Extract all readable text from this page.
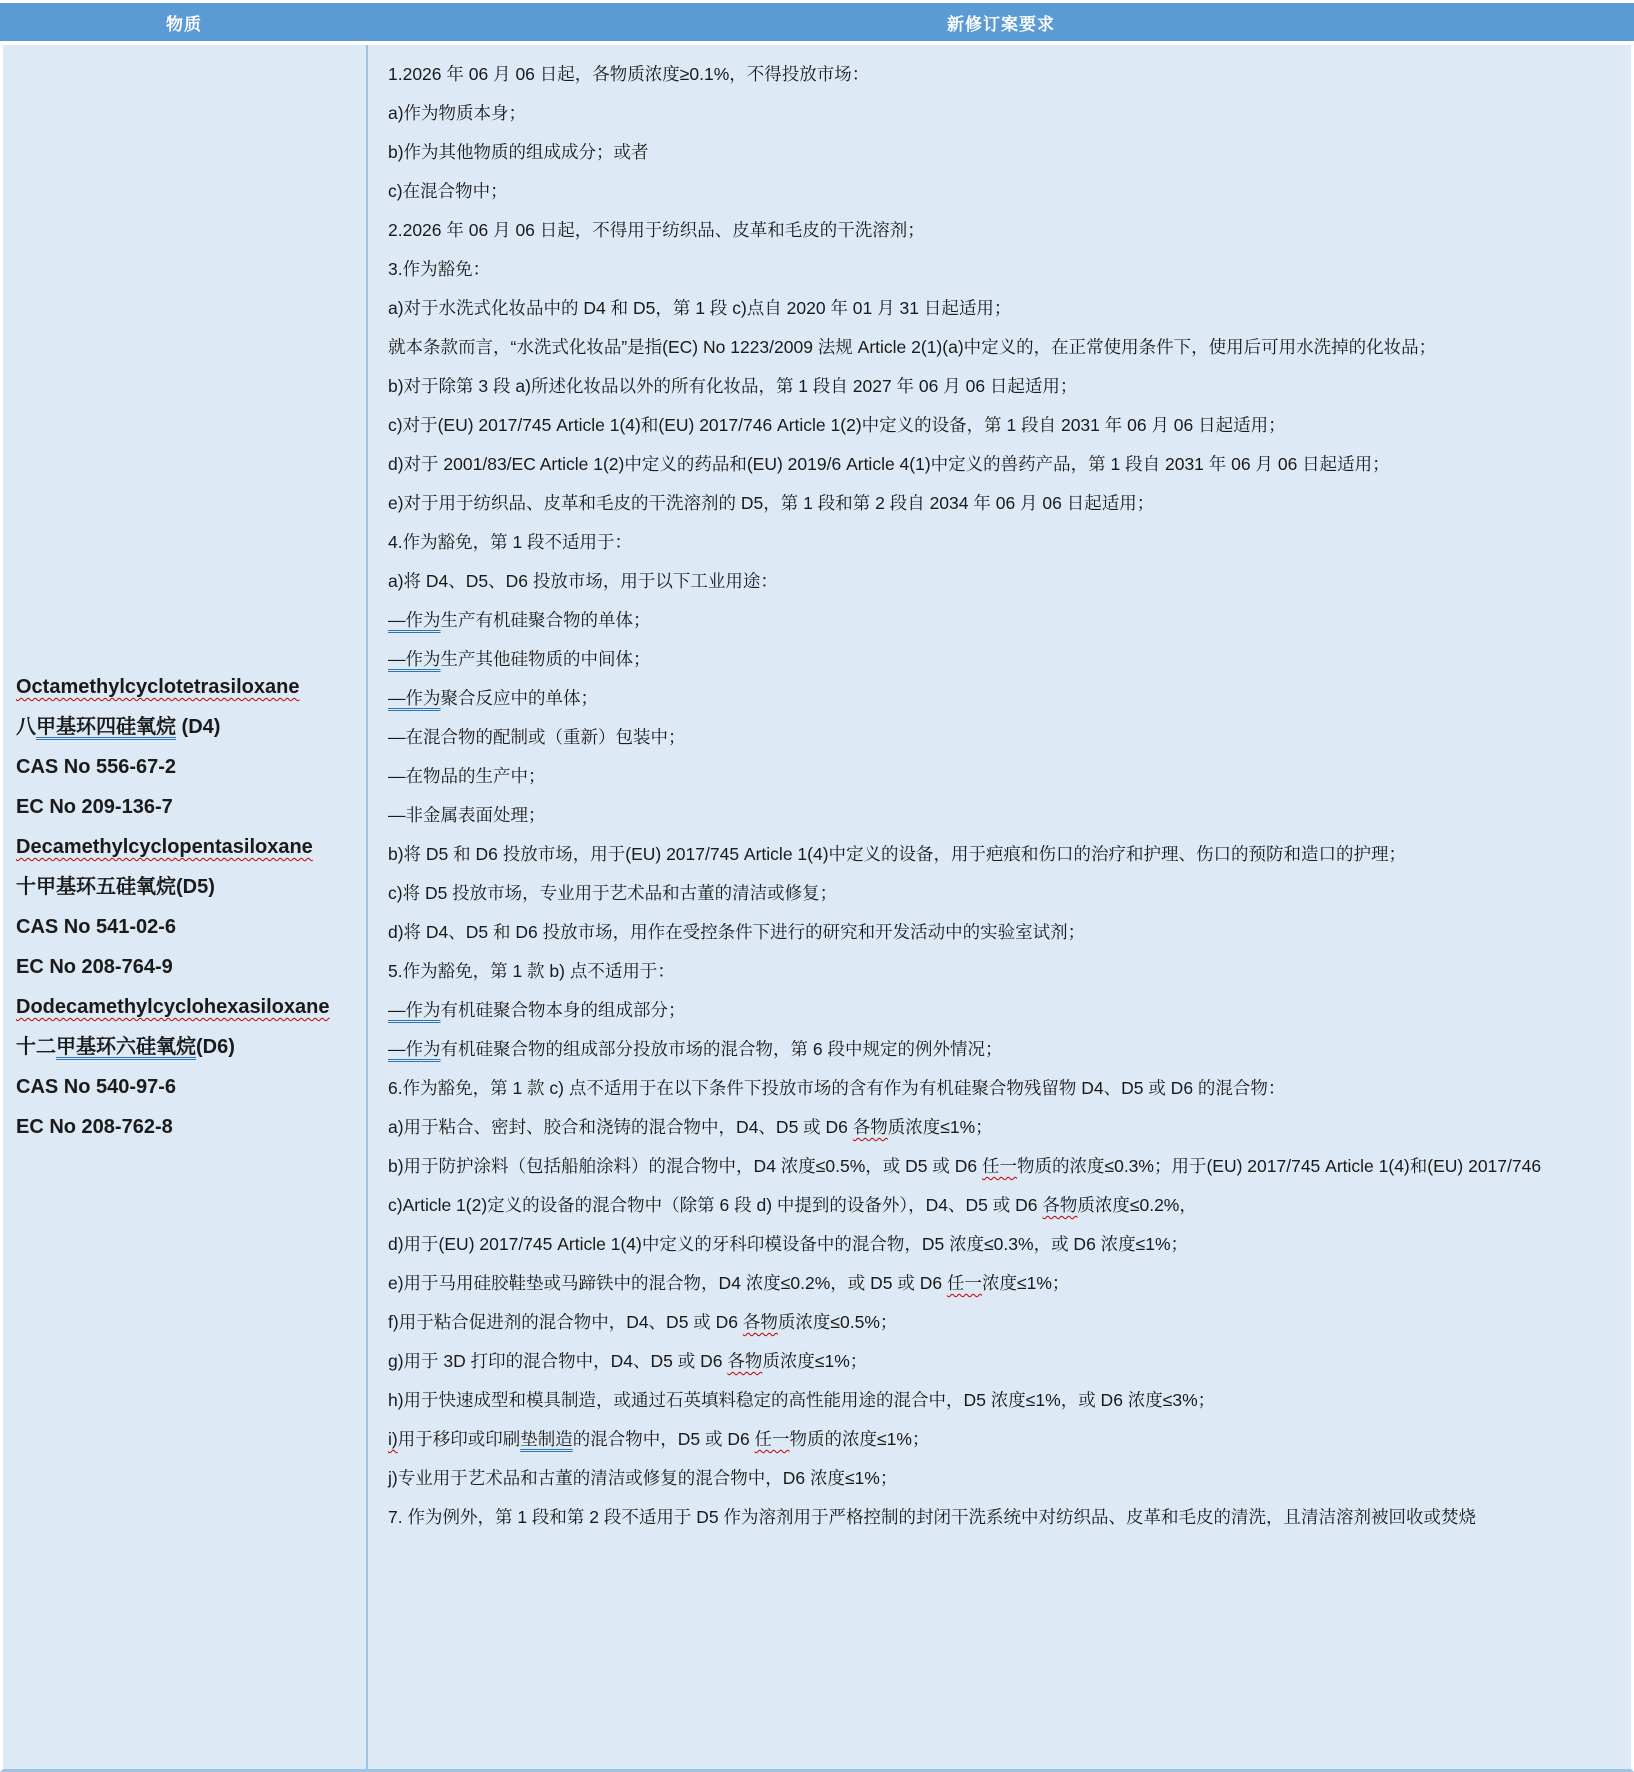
物质	新修订案要求

Octamethylcyclotetrasiloxane

八甲基环四硅氧烷 (D4)

CAS No 556-67-2

EC No 209-136-7

Decamethylcyclopentasiloxane

十甲基环五硅氧烷(D5)

CAS No 541-02-6

EC No 208-764-9

Dodecamethylcyclohexasiloxane

十二甲基环六硅氧烷(D6)

CAS No 540-97-6

EC No 208-762-8

1.2026 年 06 月 06 日起，各物质浓度≥0.1%，不得投放市场：

a)作为物质本身；

b)作为其他物质的组成成分；或者

c)在混合物中；

2.2026 年 06 月 06 日起，不得用于纺织品、皮革和毛皮的干洗溶剂；

3.作为豁免：

a)对于水洗式化妆品中的 D4 和 D5，第 1 段 c)点自 2020 年 01 月 31 日起适用；

就本条款而言，“水洗式化妆品”是指(EC) No 1223/2009 法规 Article 2(1)(a)中定义的，在正常使用条件下，使用后可用水洗掉的化妆品；

b)对于除第 3 段 a)所述化妆品以外的所有化妆品，第 1 段自 2027 年 06 月 06 日起适用；

c)对于(EU) 2017/745 Article 1(4)和(EU) 2017/746 Article 1(2)中定义的设备，第 1 段自 2031 年 06 月 06 日起适用；

d)对于 2001/83/EC Article 1(2)中定义的药品和(EU) 2019/6 Article 4(1)中定义的兽药产品，第 1 段自 2031 年 06 月 06 日起适用；

e)对于用于纺织品、皮革和毛皮的干洗溶剂的 D5，第 1 段和第 2 段自 2034 年 06 月 06 日起适用；

4.作为豁免，第 1 段不适用于：

a)将 D4、D5、D6 投放市场，用于以下工业用途：

—作为生产有机硅聚合物的单体；

—作为生产其他硅物质的中间体；

—作为聚合反应中的单体；

—在混合物的配制或（重新）包装中；

—在物品的生产中；

—非金属表面处理；

b)将 D5 和 D6 投放市场，用于(EU) 2017/745 Article 1(4)中定义的设备，用于疤痕和伤口的治疗和护理、伤口的预防和造口的护理；

c)将 D5 投放市场，专业用于艺术品和古董的清洁或修复；

d)将 D4、D5 和 D6 投放市场，用作在受控条件下进行的研究和开发活动中的实验室试剂；

5.作为豁免，第 1 款 b) 点不适用于：

—作为有机硅聚合物本身的组成部分；

—作为有机硅聚合物的组成部分投放市场的混合物，第 6 段中规定的例外情况；

6.作为豁免，第 1 款 c) 点不适用于在以下条件下投放市场的含有作为有机硅聚合物残留物 D4、D5 或 D6 的混合物：

a)用于粘合、密封、胶合和浇铸的混合物中，D4、D5 或 D6 各物质浓度≤1%；

b)用于防护涂料（包括船舶涂料）的混合物中，D4 浓度≤0.5%，或 D5 或 D6 任一物质的浓度≤0.3%；用于(EU) 2017/745 Article 1(4)和(EU) 2017/746

c)Article 1(2)定义的设备的混合物中（除第 6 段 d) 中提到的设备外），D4、D5 或 D6 各物质浓度≤0.2%，

d)用于(EU) 2017/745 Article 1(4)中定义的牙科印模设备中的混合物，D5 浓度≤0.3%，或 D6 浓度≤1%；

e)用于马用硅胶鞋垫或马蹄铁中的混合物，D4 浓度≤0.2%，或 D5 或 D6 任一浓度≤1%；

f)用于粘合促进剂的混合物中，D4、D5 或 D6 各物质浓度≤0.5%；

g)用于 3D 打印的混合物中，D4、D5 或 D6 各物质浓度≤1%；

h)用于快速成型和模具制造，或通过石英填料稳定的高性能用途的混合中，D5 浓度≤1%，或 D6 浓度≤3%；

i)用于移印或印刷垫制造的混合物中，D5 或 D6 任一物质的浓度≤1%；

j)专业用于艺术品和古董的清洁或修复的混合物中，D6 浓度≤1%；

7. 作为例外，第 1 段和第 2 段不适用于 D5 作为溶剂用于严格控制的封闭干洗系统中对纺织品、皮革和毛皮的清洗，且清洁溶剂被回收或焚烧
